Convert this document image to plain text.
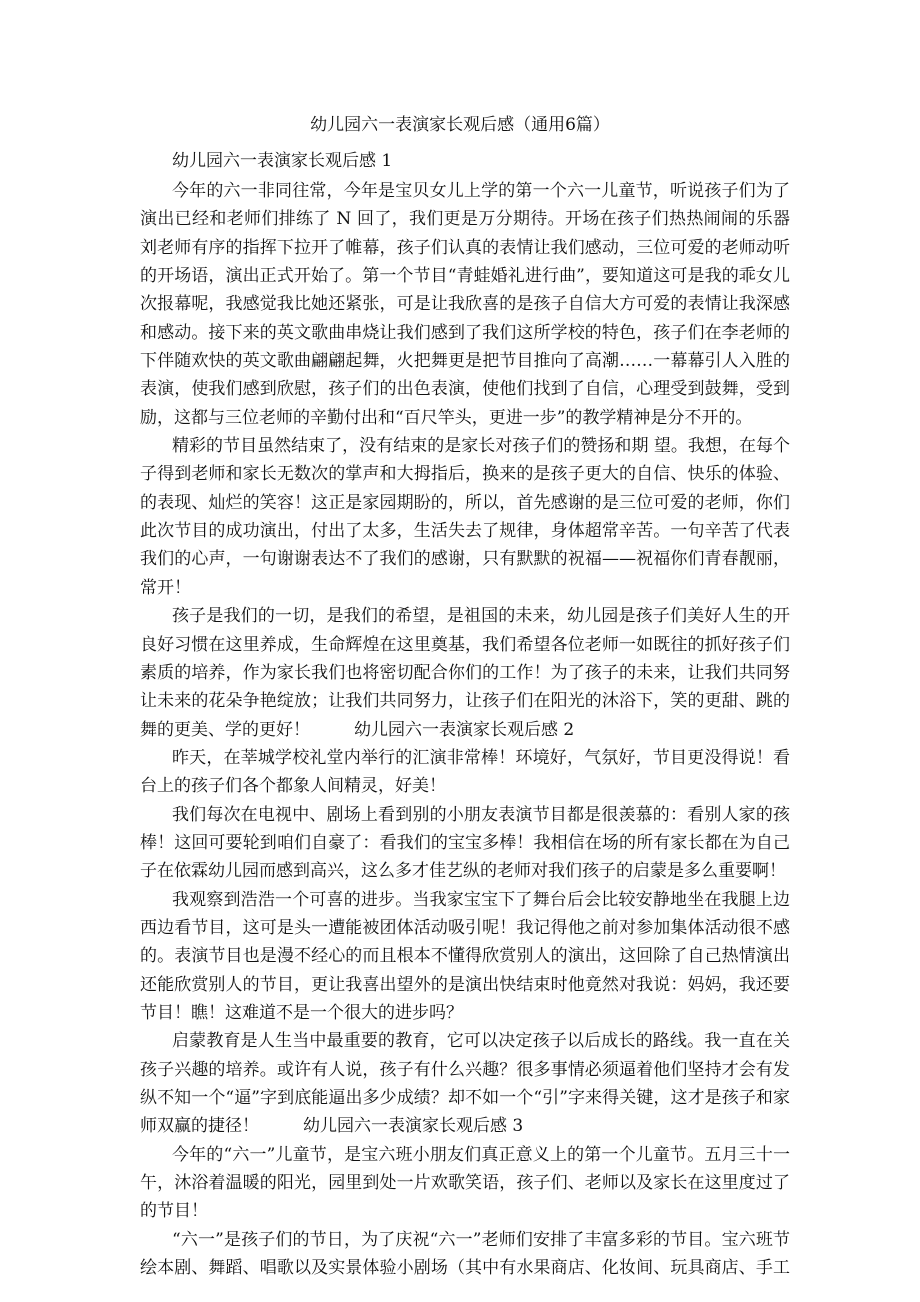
幼儿园六一表演家长观后感（通用6篇）
幼儿园六一表演家长观后感 1
今年的六一非同往常，今年是宝贝女儿上学的第一个六一儿童节，听说孩子们为了
演出已经和老师们排练了 N 回了，我们更是万分期待。开场在孩子们热热闹闹的乐器
刘老师有序的指挥下拉开了帷幕，孩子们认真的表情让我们感动，三位可爱的老师动听
的开场语，演出正式开始了。第一个节目“青蛙婚礼进行曲”，要知道这可是我的乖女儿
次报幕呢，我感觉我比她还紧张，可是让我欣喜的是孩子自信大方可爱的表情让我深感
和感动。接下来的英文歌曲串烧让我们感到了我们这所学校的特色，孩子们在李老师的
下伴随欢快的英文歌曲翩翩起舞，火把舞更是把节目推向了高潮……一幕幕引人入胜的
表演，使我们感到欣慰，孩子们的出色表演，使他们找到了自信，心理受到鼓舞，受到
励，这都与三位老师的辛勤付出和“百尺竿头，更进一步”的教学精神是分不开的。
精彩的节目虽然结束了，没有结束的是家长对孩子们的赞扬和期 望。我想，在每个
子得到老师和家长无数次的掌声和大拇指后，换来的是孩子更大的自信、快乐的体验、
的表现、灿烂的笑容！这正是家园期盼的，所以，首先感谢的是三位可爱的老师，你们
此次节目的成功演出，付出了太多，生活失去了规律，身体超常辛苦。一句辛苦了代表
我们的心声，一句谢谢表达不了我们的感谢，只有默默的祝福——祝福你们青春靓丽，
常开！
孩子是我们的一切，是我们的希望，是祖国的未来，幼儿园是孩子们美好人生的开
良好习惯在这里养成，生命辉煌在这里奠基，我们希望各位老师一如既往的抓好孩子们
素质的培养，作为家长我们也将密切配合你们的工作！为了孩子的未来，让我们共同努
让未来的花朵争艳绽放；让我们共同努力，让孩子们在阳光的沐浴下，笑的更甜、跳的
舞的更美、学的更好！	幼儿园六一表演家长观后感 2
昨天，在莘城学校礼堂内举行的汇演非常棒！环境好，气氛好，节目更没得说！看
台上的孩子们各个都象人间精灵，好美！
我们每次在电视中、剧场上看到别的小朋友表演节目都是很羡慕的：看别人家的孩
棒！这回可要轮到咱们自豪了：看我们的宝宝多棒！我相信在场的所有家长都在为自己
子在依霖幼儿园而感到高兴，这么多才佳艺纵的老师对我们孩子的启蒙是多么重要啊！
我观察到浩浩一个可喜的进步。当我家宝宝下了舞台后会比较安静地坐在我腿上边
西边看节目，这可是头一遭能被团体活动吸引呢！我记得他之前对参加集体活动很不感
的。表演节目也是漫不经心的而且根本不懂得欣赏别人的演出，这回除了自己热情演出
还能欣赏别人的节目，更让我喜出望外的是演出快结束时他竟然对我说：妈妈，我还要
节目！瞧！这难道不是一个很大的进步吗？
启蒙教育是人生当中最重要的教育，它可以决定孩子以后成长的路线。我一直在关
孩子兴趣的培养。或许有人说，孩子有什么兴趣？很多事情必须逼着他们坚持才会有发
纵不知一个“逼”字到底能逼出多少成绩？却不如一个“引”字来得关键，这才是孩子和家
师双赢的捷径！	幼儿园六一表演家长观后感 3
今年的“六一”儿童节，是宝六班小朋友们真正意义上的第一个儿童节。五月三十一
午，沐浴着温暖的阳光，园里到处一片欢歌笑语，孩子们、老师以及家长在这里度过了
的节目！
“六一”是孩子们的节日，为了庆祝“六一”老师们安排了丰富多彩的节目。宝六班节
绘本剧、舞蹈、唱歌以及实景体验小剧场（其中有水果商店、化妆间、玩具商店、手工
